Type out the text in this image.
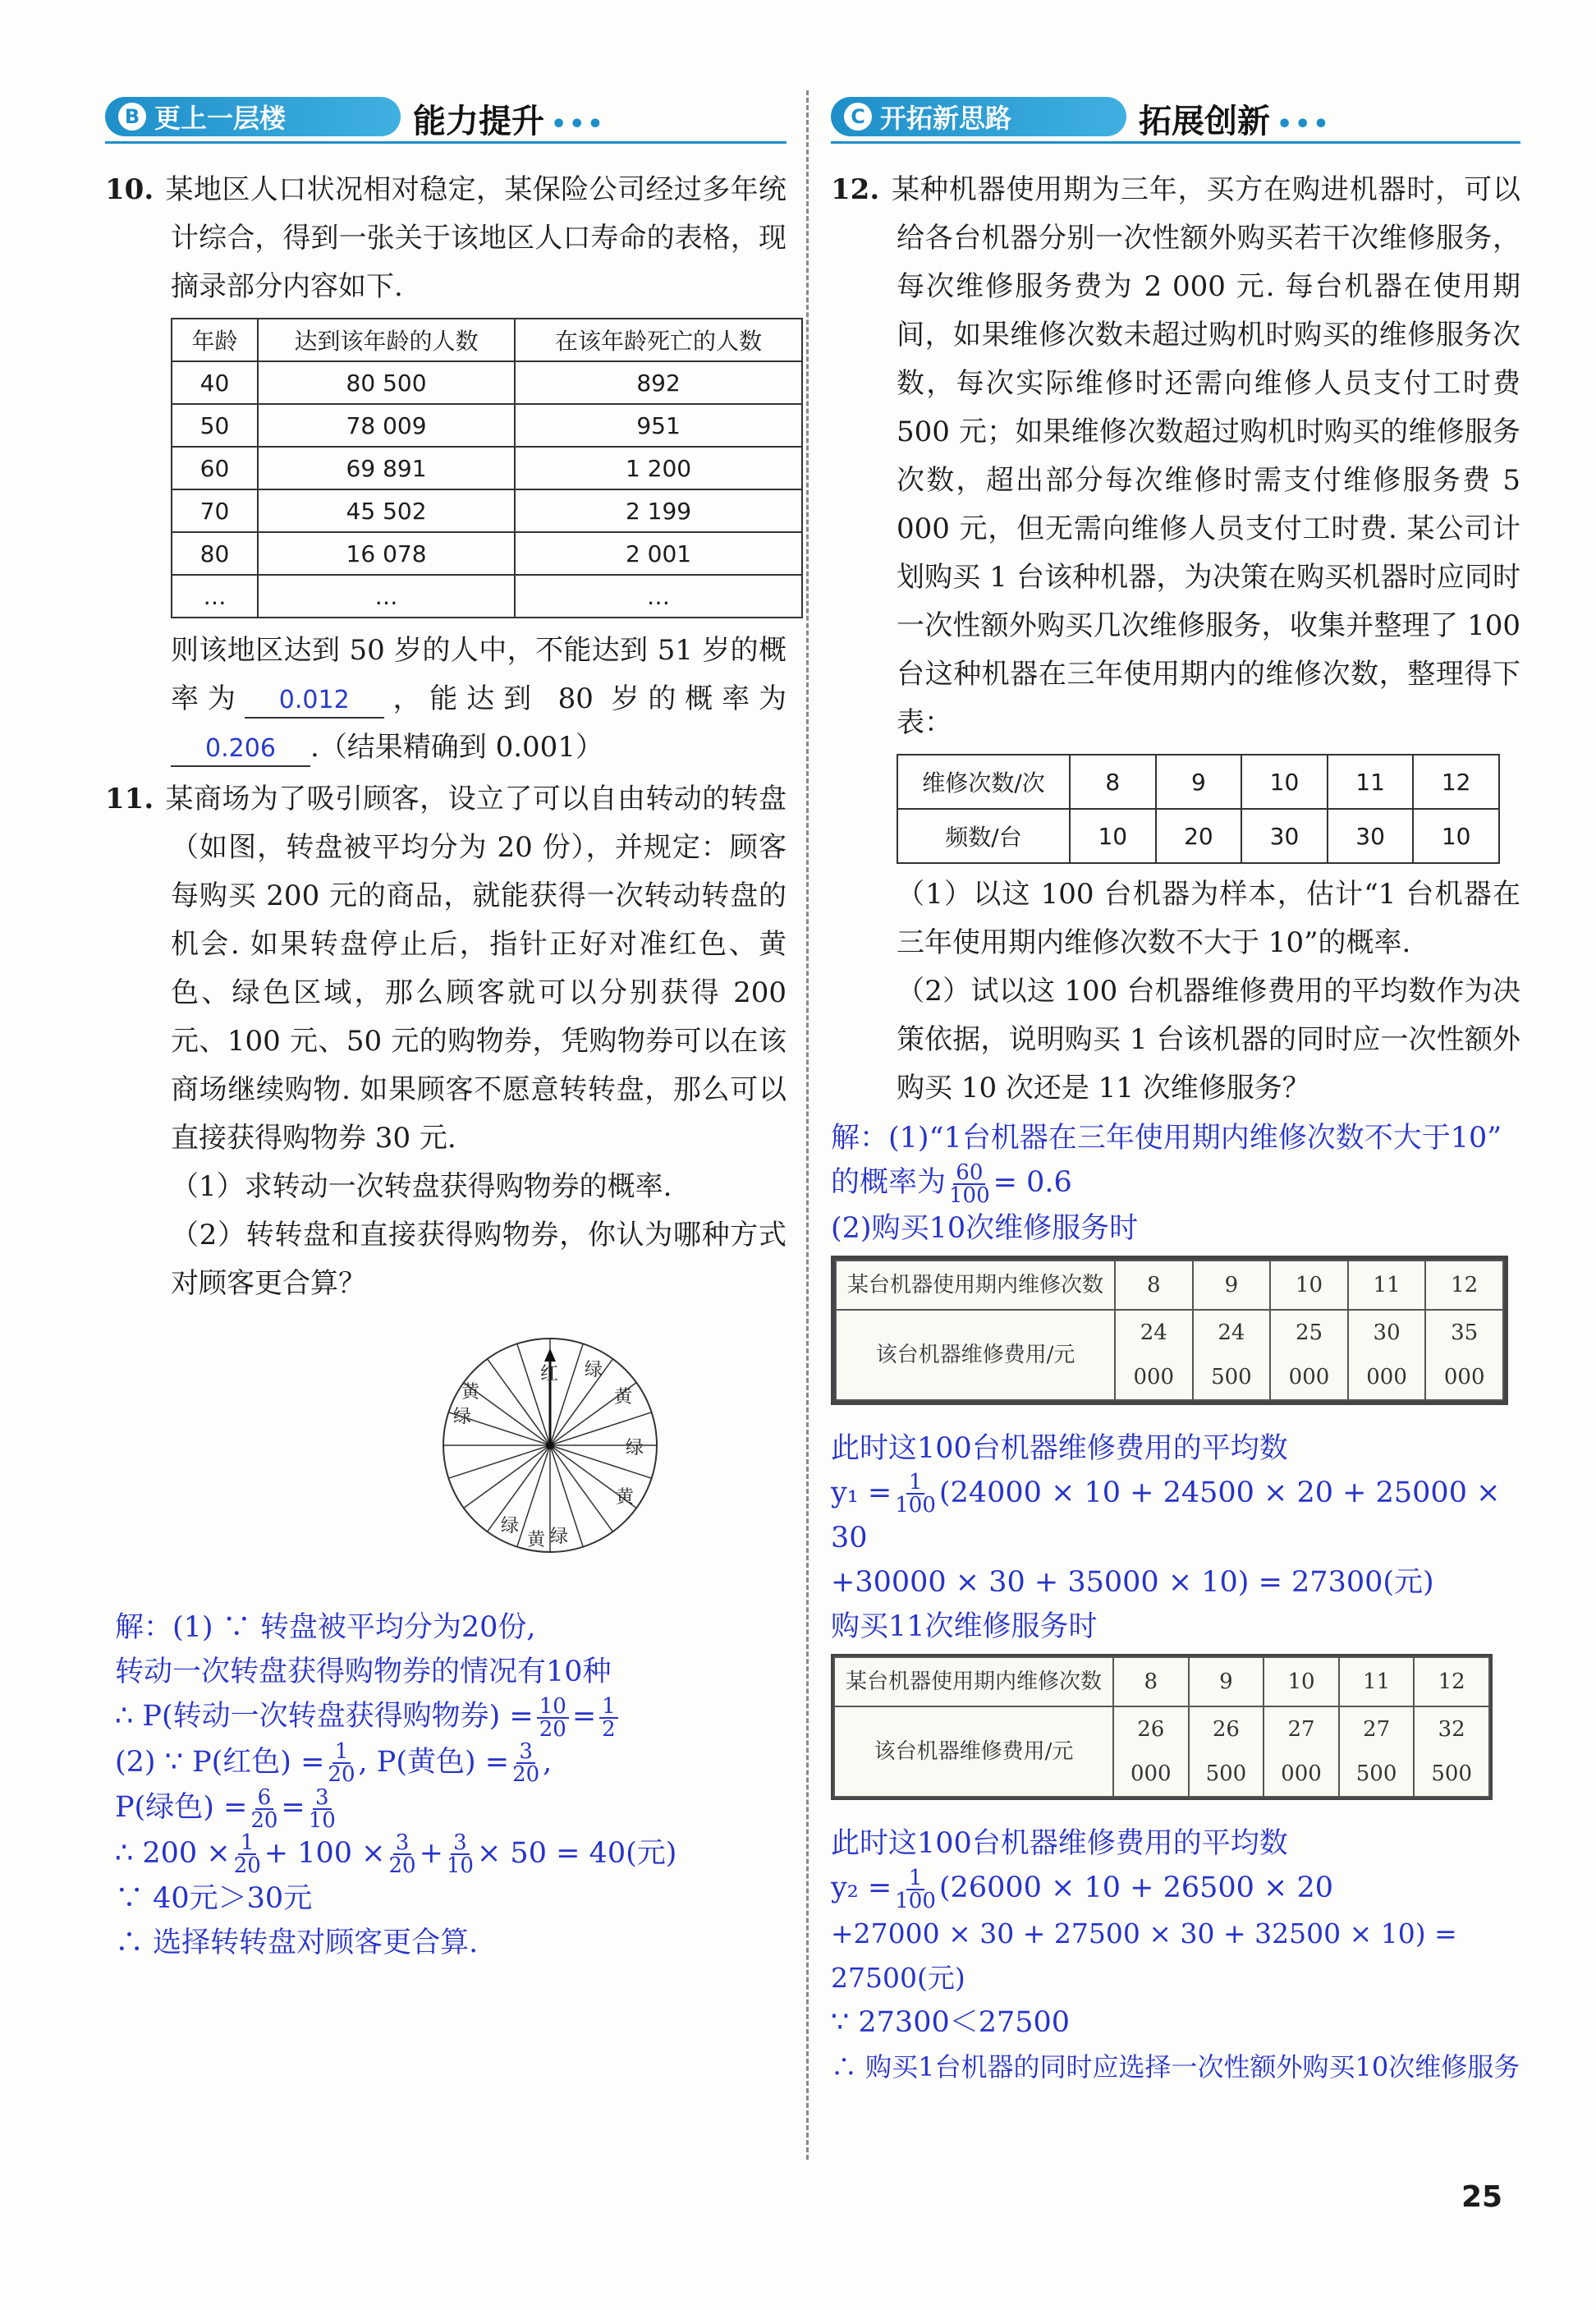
B 更上一层楼	能力提升 •••
10. 某地区人口状况相对稳定，某保险公司经过多年统计综合，得到一张关于该地区人口寿命的表格，现摘录部分内容如下.
年龄	达到该年龄的人数	在该年龄死亡的人数
40	80 500	892
50	78 009	951
60	69 891	1 200
70	45 502	2 199
80	16 078	2 001
…	…	…
则该地区达到 50 岁的人中，不能达到 51 岁的概率为 0.012 ，能达到 80 岁的概率为0.206 .（结果精确到 0.001）
11. 某商场为了吸引顾客，设立了可以自由转动的转盘（如图，转盘被平均分为 20 份），并规定：顾客每购买 200 元的商品，就能获得一次转动转盘的机会. 如果转盘停止后，指针正好对准红色、黄色、绿色区域，那么顾客就可以分别获得 200 元、100 元、50 元的购物券，凭购物券可以在该商场继续购物. 如果顾客不愿意转转盘，那么可以直接获得购物券 30 元.
（1）求转动一次转盘获得购物券的概率.
（2）转转盘和直接获得购物券，你认为哪种方式对顾客更合算？
红 绿
黄
绿
黄
绿
黄
绿
绿
黄
解：(1) ∵ 转盘被平均分为20份,
转动一次转盘获得购物券的情况有10种
∴ P(转动一次转盘获得购物券) = $\frac{10}{20} = \frac{1}{2}$
(2) ∵ P(红色) = $\frac{1}{20}$ , P(黄色) = $\frac{3}{20}$ ,
P(绿色) = $\frac{6}{20} = \frac{3}{10}$
∴ $200 \times \frac{1}{20} + 100 \times \frac{3}{20} + \frac{3}{10} \times 50 = 40$(元)
∵ 40元＞30元
∴ 选择转转盘对顾客更合算.
C 开拓新思路	拓展创新 •••
12. 某种机器使用期为三年，买方在购进机器时，可以给各台机器分别一次性额外购买若干次维修服务，每次维修服务费为 2 000 元. 每台机器在使用期间，如果维修次数未超过购机时购买的维修服务次数，每次实际维修时还需向维修人员支付工时费 500 元；如果维修次数超过购机时购买的维修服务次数，超出部分每次维修时需支付维修服务费 5 000 元，但无需向维修人员支付工时费. 某公司计划购买 1 台该种机器，为决策在购买机器时应同时一次性额外购买几次维修服务，收集并整理了 100 台这种机器在三年使用期内的维修次数，整理得下表：
维修次数/次	8	9	10	11	12
频数/台	10	20	30	30	10
（1）以这 100 台机器为样本，估计“1 台机器在三年使用期内维修次数不大于 10”的概率.
（2）试以这 100 台机器维修费用的平均数作为决策依据，说明购买 1 台该机器的同时应一次性额外购买 10 次还是 11 次维修服务？
解：(1)“1台机器在三年使用期内维修次数不大于10”
的概率为 $\frac{60}{100} = 0.6$
(2)购买10次维修服务时
某台机器使用期内维修次数	8	9	10	11	12
该台机器维修费用/元	24 000	24 500	25 000	30 000	35 000
此时这100台机器维修费用的平均数
$y_1 = \frac{1}{100} (24000 \times 10 + 24500 \times 20 + 25000 \times 30$
+30000 × 30 + 35000 × 10) = 27300(元)
购买11次维修服务时
某台机器使用期内维修次数	8	9	10	11	12
该台机器维修费用/元	26 000	26 500	27 000	27 500	32 500
此时这100台机器维修费用的平均数
$y_2 = \frac{1}{100} (26000 \times 10 + 26500 \times 20$
+27000 × 30 + 27500 × 30 + 32500 × 10) = 27500(元)
∵ 27300＜27500
∴ 购买1台机器的同时应选择一次性额外购买10次维修服务
25
